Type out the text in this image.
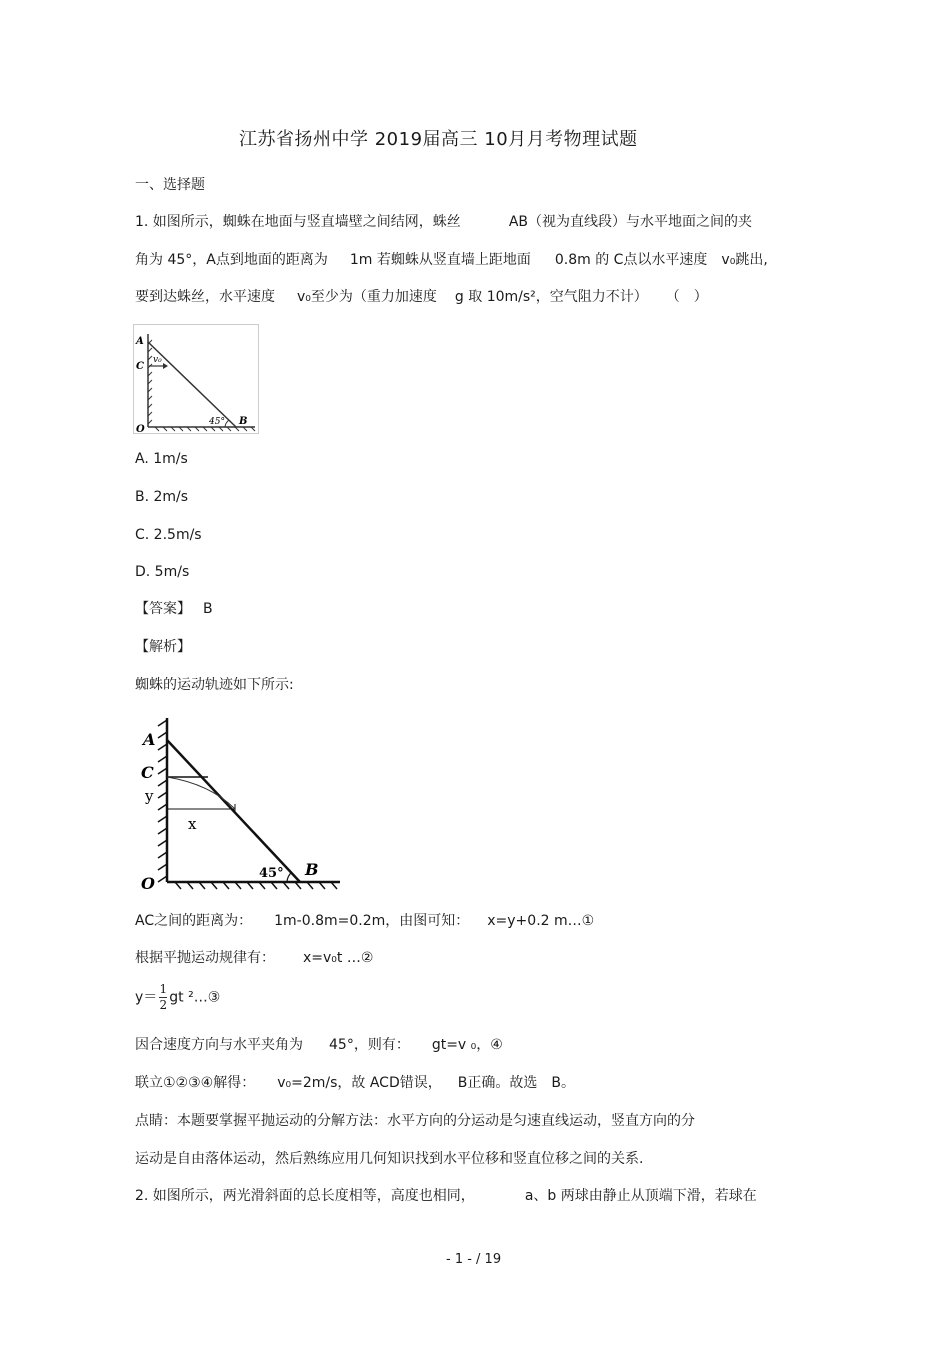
江苏省扬州中学 2019届高三 10月月考物理试题
一、选择题
1. 如图所示，蜘蛛在地面与竖直墙壁之间结网，蛛丝	AB（视为直线段）与水平地面之间的夹
角为 45°，A点到地面的距离为 1m 若蜘蛛从竖直墙上距地面 0.8m 的 C点以水平速度 v₀跳出,
要到达蛛丝，水平速度 v₀至少为（重力加速度 g 取 10m/s²，空气阻力不计） （　）
A
C
v₀
O
B
45°
A. 1m/s
B. 2m/s
C. 2.5m/s
D. 5m/s
【答案】 B
【解析】
蜘蛛的运动轨迹如下所示:
A
C
y
x
O
B
45°
AC之间的距离为： 1m-0.8m=0.2m，由图可知： x=y+0.2 m…①
根据平抛运动规律有： x=v₀t …②
$y= \frac{1}{2}$ gt ²…③
因合速度方向与水平夹角为 45°，则有： gt=v ₀，④
联立①②③④解得： v₀=2m/s，故 ACD错误， B正确。故选　B。
点睛：本题要掌握平抛运动的分解方法：水平方向的分运动是匀速直线运动，竖直方向的分
运动是自由落体运动，然后熟练应用几何知识找到水平位移和竖直位移之间的关系.
2. 如图所示，两光滑斜面的总长度相等，高度也相同，	a、b 两球由静止从顶端下滑，若球在
- 1 - / 19
